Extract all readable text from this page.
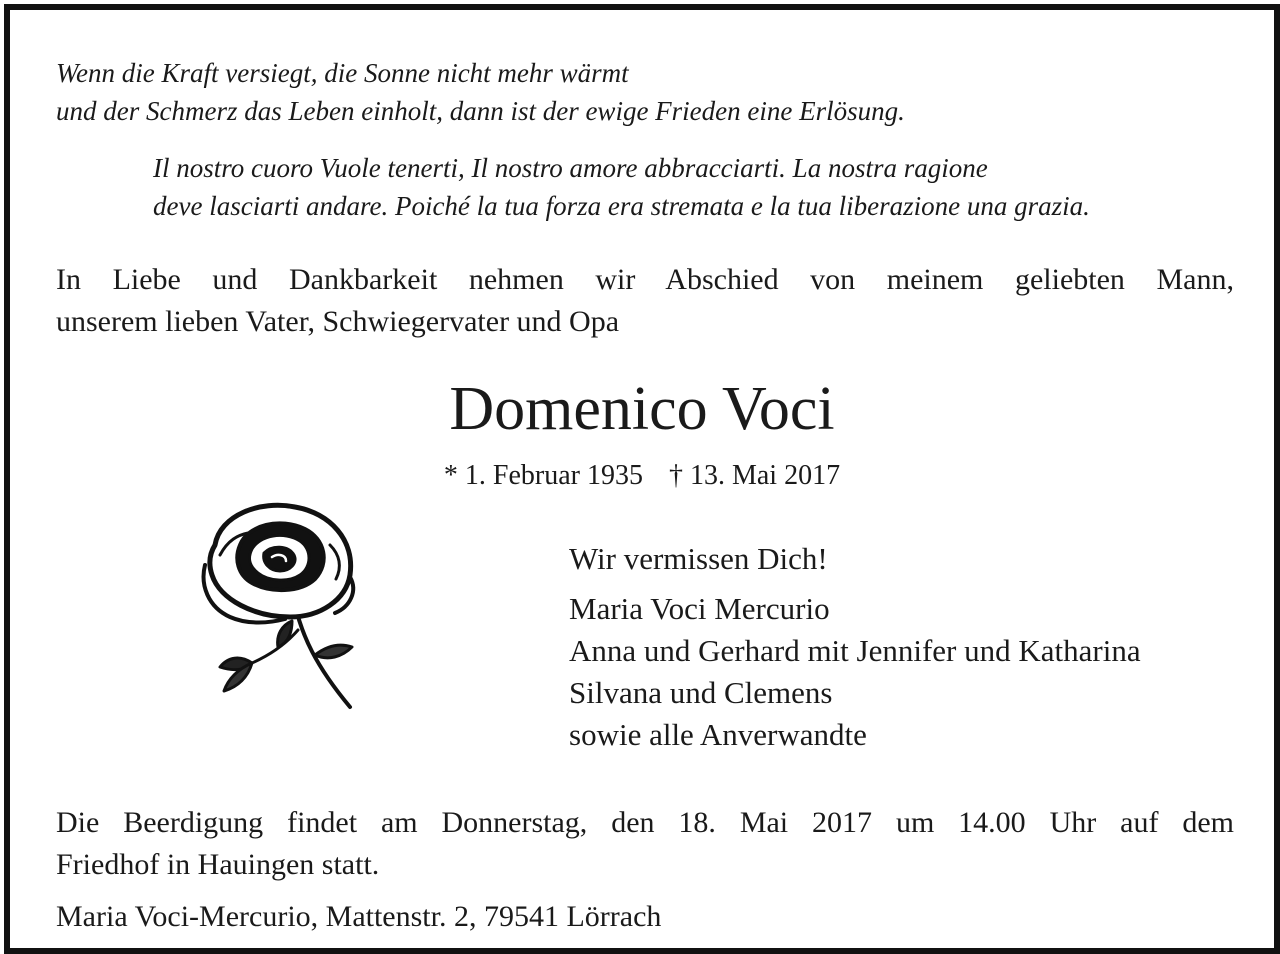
Wenn die Kraft versiegt, die Sonne nicht mehr wärmt
und der Schmerz das Leben einholt, dann ist der ewige Frieden eine Erlösung.
Il nostro cuoro Vuole tenerti, Il nostro amore abbracciarti. La nostra ragione
deve lasciarti andare. Poiché la tua forza era stremata e la tua liberazione una grazia.
In Liebe und Dankbarkeit nehmen wir Abschied von meinem geliebten Mann,
unserem lieben Vater, Schwiegervater und Opa
Domenico Voci
* 1. Februar 1935 † 13. Mai 2017
Wir vermissen Dich!
Maria Voci Mercurio
Anna und Gerhard mit Jennifer und Katharina
Silvana und Clemens
sowie alle Anverwandte
Die Beerdigung findet am Donnerstag, den 18. Mai 2017 um 14.00 Uhr auf dem
Friedhof in Hauingen statt.
Maria Voci-Mercurio, Mattenstr. 2, 79541 Lörrach
